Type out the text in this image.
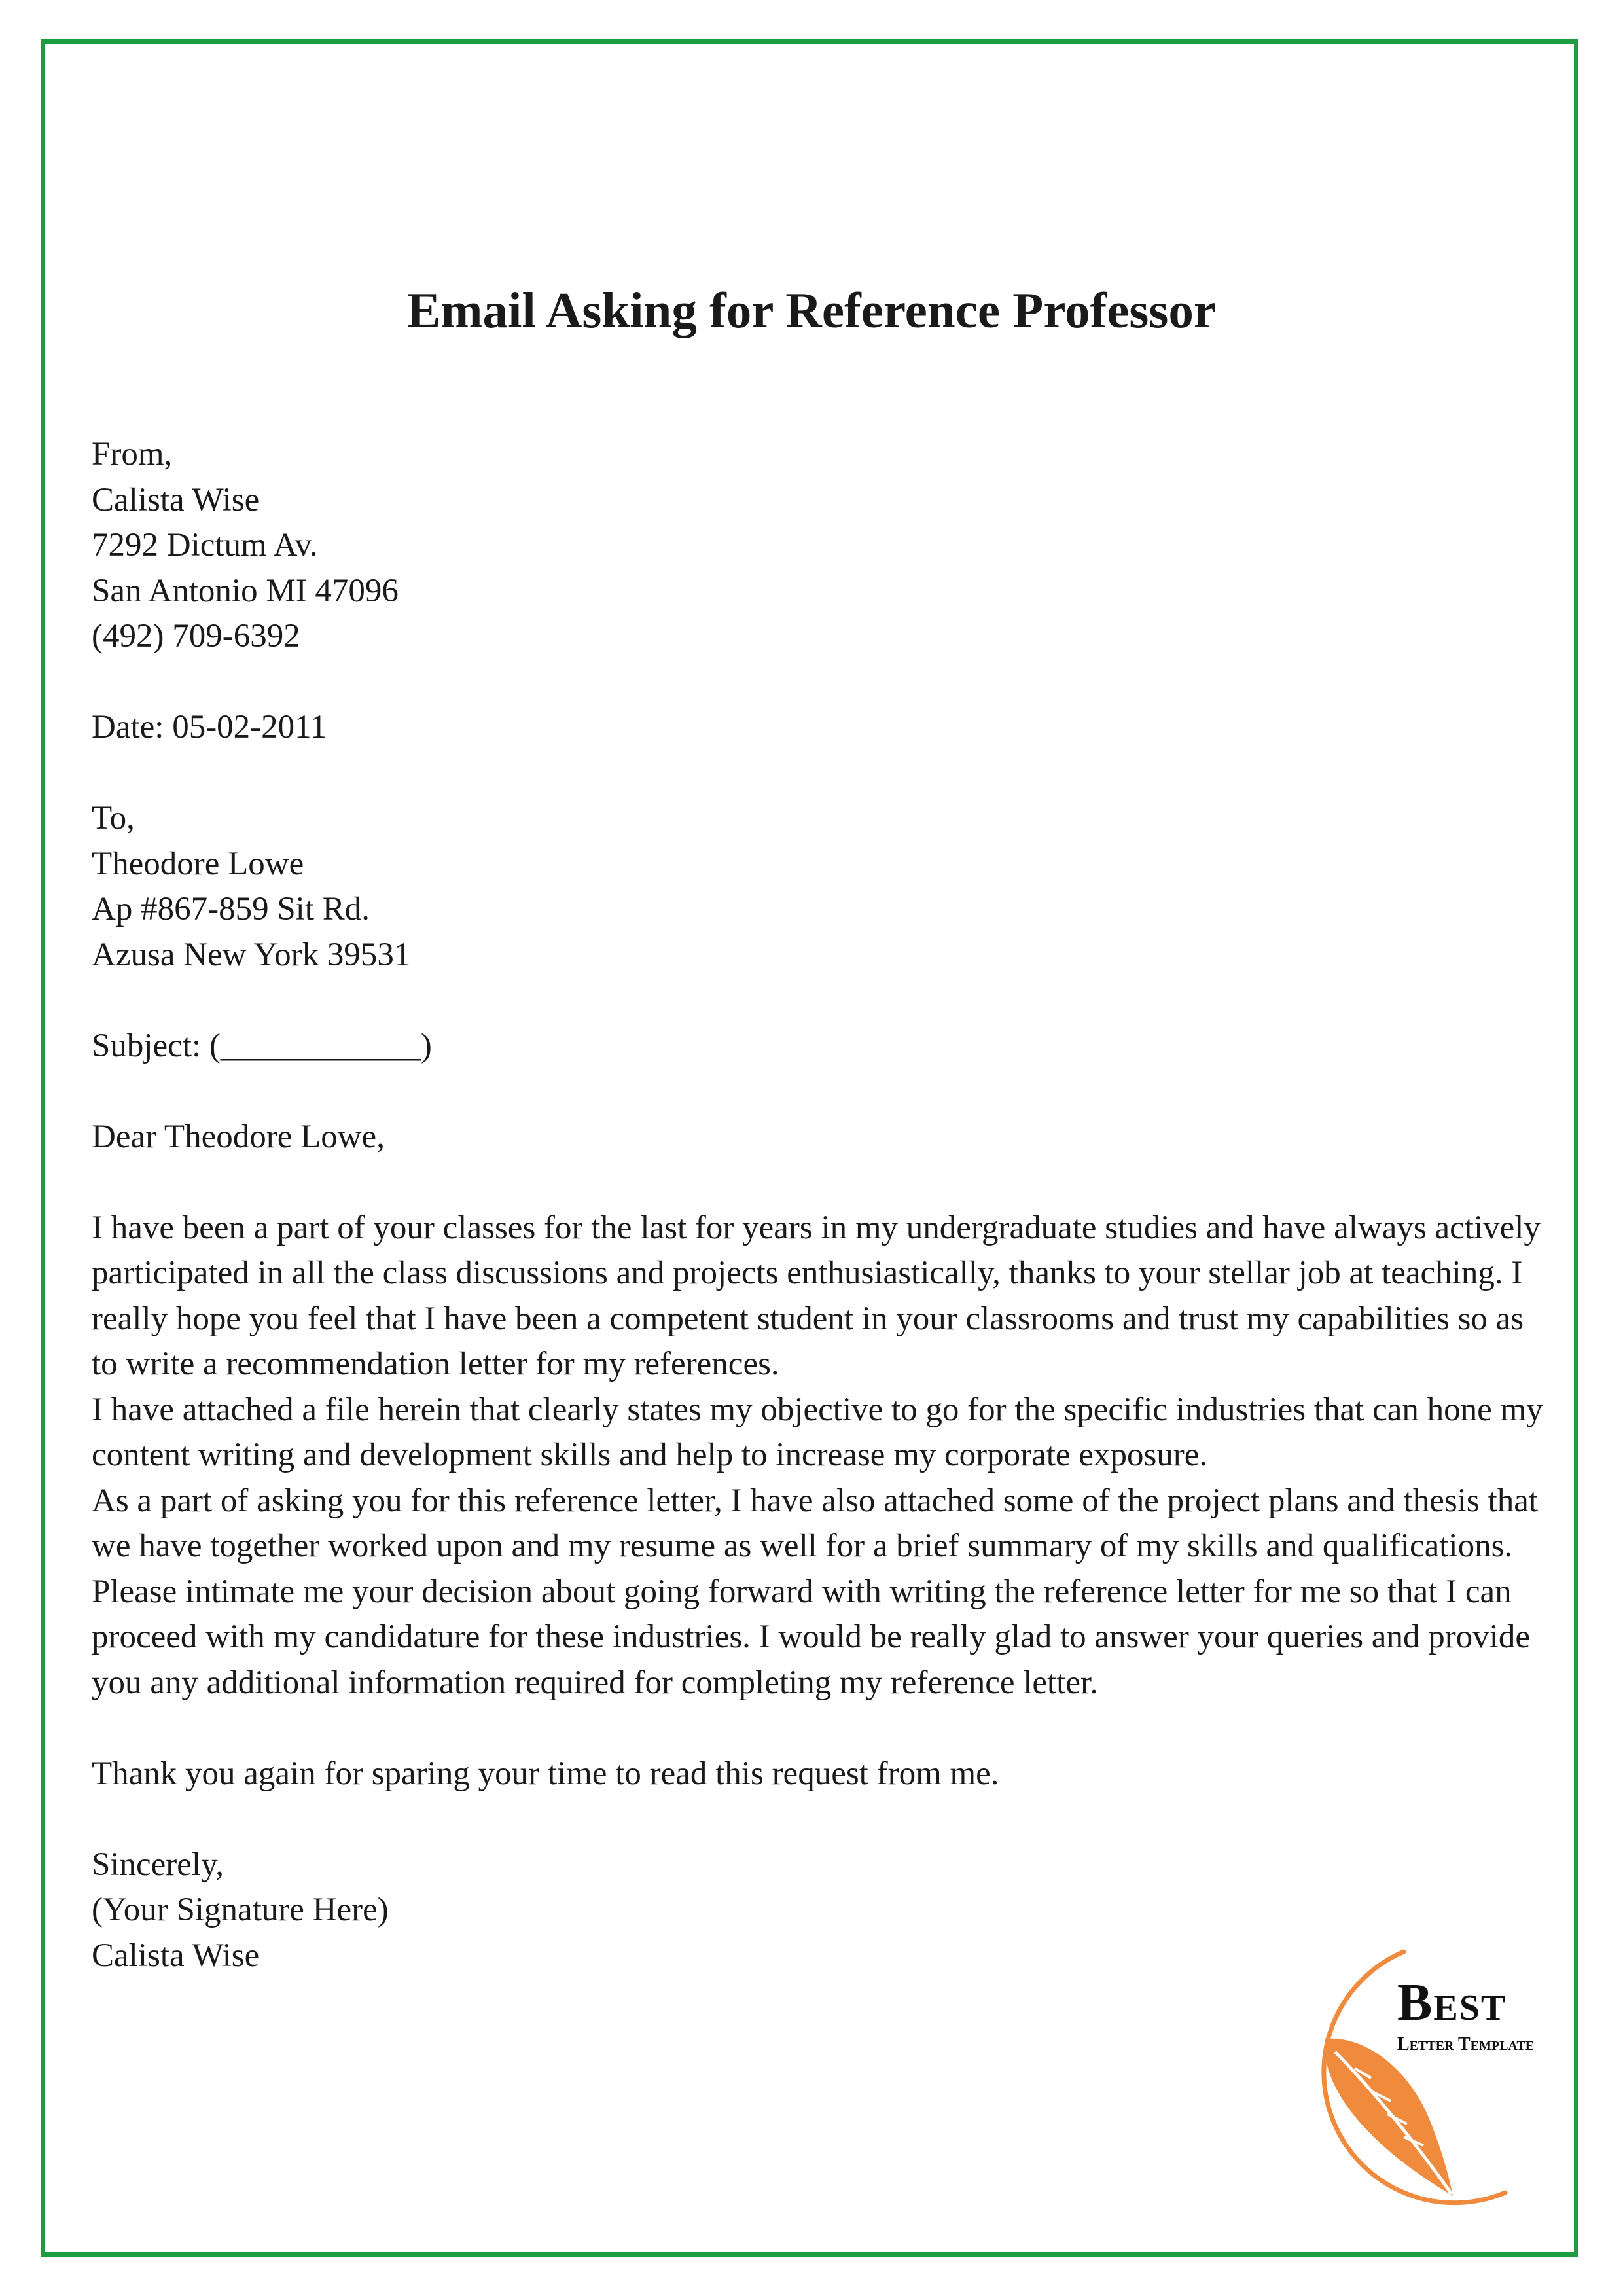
Email Asking for Reference Professor
From,
Calista Wise
7292 Dictum Av.
San Antonio MI 47096
(492) 709-6392
Date: 05-02-2011
To,
Theodore Lowe
Ap #867-859 Sit Rd.
Azusa New York 39531
Subject: (____________)
Dear Theodore Lowe,

I have been a part of your classes for the last for years in my undergraduate studies and have always actively participated in all the class discussions and projects enthusiastically, thanks to your stellar job at teaching. I really hope you feel that I have been a competent student in your classrooms and trust my capabilities so as to write a recommendation letter for my references.

I have attached a file herein that clearly states my objective to go for the specific industries that can hone my content writing and development skills and help to increase my corporate exposure.

As a part of asking you for this reference letter, I have also attached some of the project plans and thesis that we have together worked upon and my resume as well for a brief summary of my skills and qualifications.

Please intimate me your decision about going forward with writing the reference letter for me so that I can proceed with my candidature for these industries. I would be really glad to answer your queries and provide you any additional information required for completing my reference letter.

Thank you again for sparing your time to read this request from me.
Sincerely,
(Your Signature Here)
Calista Wise
Best
Letter Template
